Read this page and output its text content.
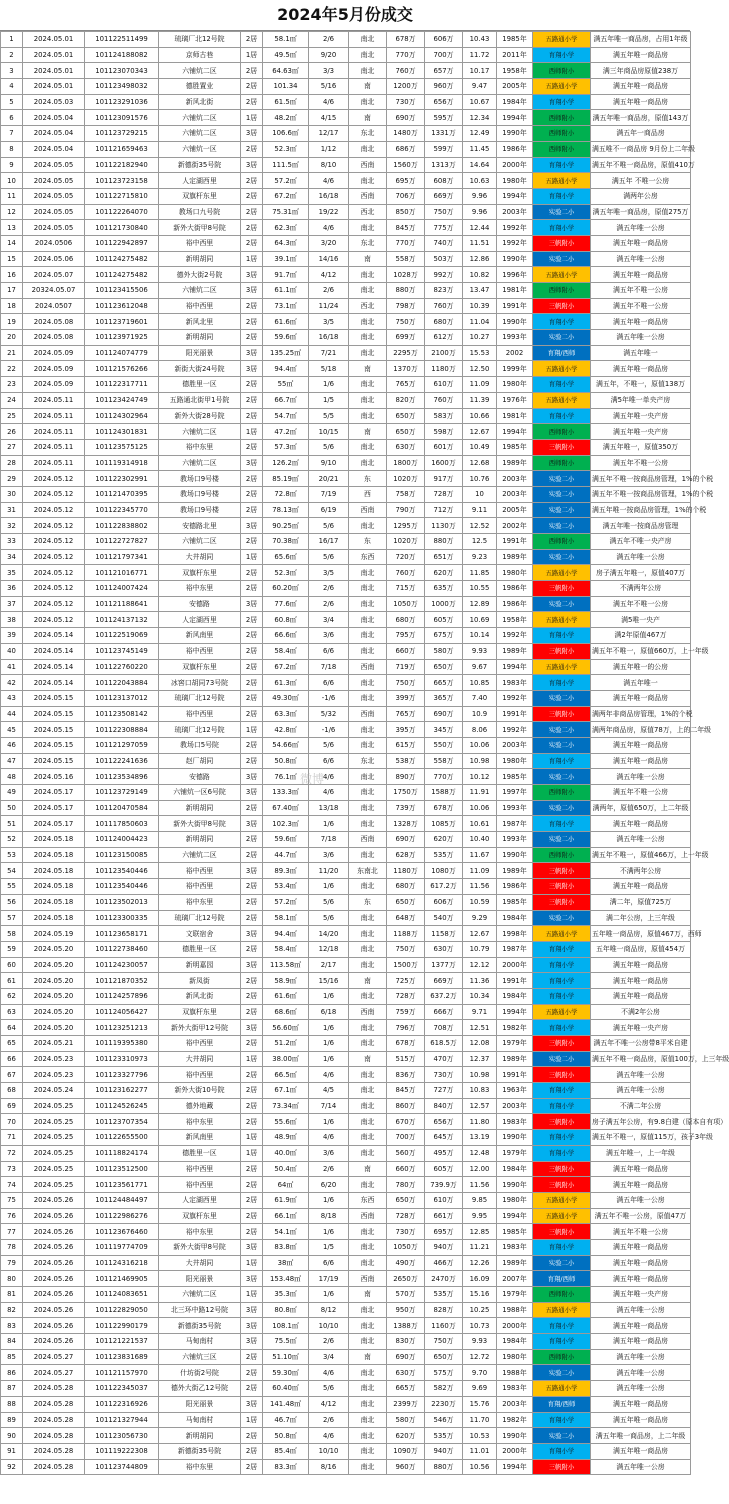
2024年5月份成交
1	2024.05.01	101122511499	琉璃厂北12号院	2居	58.1㎡	2/6	南北	678万	606万	10.43	1985年	五路通小学	满五年唯一商品房，占用1年级
2	2024.05.01	101124188082	京师古巷	1居	49.5㎡	9/20	南北	770万	700万	11.72	2011年	育翔小学	满五年唯一商品房
3	2024.05.01	101123070343	六铺炕二区	2居	64.63㎡	3/3	南北	760万	657万	10.17	1958年	西师附小	满三年商品房原值238万
4	2024.05.01	101123498032	德胜置业	2居	101.34	5/16	南	1200万	960万	9.47	2005年	五路通小学	满五年唯一商品房
5	2024.05.03	101123291036	新风北街	2居	61.5㎡	4/6	南北	730万	656万	10.67	1984年	育翔小学	满五年唯一商品房
6	2024.05.04	101123091576	六铺炕二区	1居	48.2㎡	4/15	南	690万	595万	12.34	1994年	西师附小	满五年唯一商品房，原值143万
7	2024.05.04	101123729215	六铺炕二区	3居	106.6㎡	12/17	东北	1480万	1331万	12.49	1990年	西师附小	满五年一商品房
8	2024.05.04	101121659463	六铺炕一区	2居	52.3㎡	1/12	南北	686万	599万	11.45	1986年	西师附小	满五唯不一商品房 9月份上二年级
9	2024.05.05	101122182940	新德街35号院	3居	111.5㎡	8/10	西南	1560万	1313万	14.64	2000年	育翔小学	满五年不唯一商品房，原值410万
10	2024.05.05	101123723158	人定湖西里	2居	57.2㎡	4/6	南北	695万	608万	10.63	1980年	五路通小学	满五年 不唯一公房
11	2024.05.05	101122715810	双旗杆东里	2居	67.2㎡	16/18	西南	706万	669万	9.96	1994年	育翔小学	满两年公房
12	2024.05.05	101122264070	教场口九号院	2居	75.31㎡	19/22	西北	850万	750万	9.96	2003年	实验二小	满五年唯一商品房，原值275万
13	2024.05.05	101121730840	新外大街甲8号院	2居	62.3㎡	4/6	南北	845万	775万	12.44	1992年	育翔小学	满五年唯一公房
14	2024.0506	101122942897	裕中西里	2居	64.3㎡	3/20	东北	770万	740万	11.51	1992年	三帆附小	满五年唯一商品房
15	2024.05.06	101124275482	新明胡同	1居	39.1㎡	14/16	南	558万	503万	12.86	1990年	实验二小	满五年唯一公房
16	2024.05.07	101124275482	德外大街2号院	3居	91.7㎡	4/12	南北	1028万	992万	10.82	1996年	五路通小学	满五年唯一商品房
17	20324.05.07	101123415506	六铺炕二区	3居	61.1㎡	2/6	南北	880万	823万	13.47	1981年	西师附小	满五年不唯一公房
18	2024.0507	101123612048	裕中西里	2居	73.1㎡	11/24	西北	798万	760万	10.39	1991年	三帆附小	满五年不唯一公房
19	2024.05.08	101123719601	新风北里	2居	61.6㎡	3/5	南北	750万	680万	11.04	1990年	育翔小学	满五年唯一商品房
20	2024.05.08	101123971925	新明胡同	2居	59.6㎡	16/18	南北	699万	612万	10.27	1993年	实验二小	满五年唯一公房
21	2024.05.09	101124074779	阳光丽景	3居	135.25㎡	7/21	南北	2295万	2100万	15.53	2002	育翔/西师	满五年唯一
22	2024.05.09	101121576266	新街大街24号院	3居	94.4㎡	5/18	南	1370万	1180万	12.50	1999年	五路通小学	满五年唯一商品房
23	2024.05.09	101122317711	德胜里一区	2居	55㎡	1/6	南北	765万	610万	11.09	1980年	育翔小学	满五年，不唯一，原值138万
24	2024.05.11	101123424749	五路通北街甲1号院	2居	66.7㎡	1/5	南北	820万	760万	11.39	1976年	五路通小学	满5年唯一单央产房
25	2024.05.11	101124302964	新外大街28号院	2居	54.7㎡	5/5	南北	650万	583万	10.66	1981年	育翔小学	满五年唯一央产房
26	2024.05.11	101124301831	六铺炕二区	1居	47.2㎡	10/15	南	650万	598万	12.67	1994年	西师附小	满五年唯一央产房
27	2024.05.11	101123575125	裕中东里	2居	57.3㎡	5/6	南北	630万	601万	10.49	1985年	三帆附小	满五年唯一，原值350万
28	2024.05.11	101119314918	六铺炕二区	3居	126.2㎡	9/10	南北	1800万	1600万	12.68	1989年	西师附小	满五年不唯一公房
29	2024.05.12	101122302991	教场口9号楼	2居	85.19㎡	20/21	东	1020万	917万	10.76	2003年	实验二小	满五年不唯一按商品房管理，1%的个税
30	2024.05.12	101121470395	教场口9号楼	2居	72.8㎡	7/19	西	758万	728万	10	2003年	实验二小	满五年不唯一按商品房管理，1%的个税
31	2024.05.12	101122345770	教场口9号楼	2居	78.13㎡	6/19	西南	790万	712万	9.11	2005年	实验二小	满五年唯一按商品房管理，1%的个税
32	2024.05.12	101122838802	安德路北里	3居	90.25㎡	5/6	南北	1295万	1130万	12.52	2002年	实验二小	满五年唯一按商品房管理
33	2024.05.12	101122727827	六铺炕二区	2居	70.38㎡	16/17	东	1020万	880万	12.5	1991年	西师附小	满五年不唯一央产房
34	2024.05.12	101121797341	大井胡同	1居	65.6㎡	5/6	东西	720万	651万	9.23	1989年	实验二小	满五年唯一公房
35	2024.05.12	101121016771	双旗杆东里	2居	52.3㎡	3/5	南北	760万	620万	11.85	1980年	五路通小学	房子满五年唯一，原值407万
36	2024.05.12	101124007424	裕中东里	2居	60.20㎡	2/6	南北	715万	635万	10.55	1986年	三帆附小	不满两年公房
37	2024.05.12	101121188641	安德路	3居	77.6㎡	2/6	南北	1050万	1000万	12.89	1986年	实验二小	满五年不唯一公房
38	2024.05.12	101124137132	人定湖西里	2居	60.8㎡	3/4	南北	680万	605万	10.69	1958年	五路通小学	满5唯一央产
39	2024.05.14	101122519069	新风南里	2居	66.6㎡	3/6	南北	795万	675万	10.14	1992年	育翔小学	满2年原值467万
40	2024.05.14	101123745149	裕中西里	2居	58.4㎡	6/6	南北	660万	580万	9.93	1989年	三帆附小	满五年不唯一，原值660万，上一年级
41	2024.05.14	101122760220	双旗杆东里	2居	67.2㎡	7/18	西南	719万	650万	9.67	1994年	五路通小学	满五年唯一的公房
42	2024.05.14	101122043884	冰窖口胡同73号院	2居	61.3㎡	6/6	南北	750万	665万	10.85	1983年	育翔小学	满五年唯一
43	2024.05.15	101123137012	琉璃厂北12号院	2居	49.30㎡	-1/6	南北	399万	365万	7.40	1992年	实验二小	满五年唯一商品房
44	2024.05.15	101123508142	裕中西里	2居	63.3㎡	5/32	西南	765万	690万	10.9	1991年	三帆附小	满两年非商品房管理，1%的个税
45	2024.05.15	101122308884	琉璃厂北12号院	1居	42.8㎡	-1/6	南北	395万	345万	8.06	1992年	实验二小	满两年商品房，原值78万，上的二年级
46	2024.05.15	101121297059	教场口5号院	2居	54.66㎡	5/6	南北	615万	550万	10.06	2003年	实验二小	满五年唯一商品房
47	2024.05.15	101122241636	赵厂胡同	2居	50.8㎡	6/6	东北	538万	558万	10.98	1980年	育翔小学	满五年唯一商品房
48	2024.05.16	101123534896	安德路	3居	76.1㎡	4/6	南北	890万	770万	10.12	1985年	实验二小	满五年唯一公房
49	2024.05.17	101123729149	六铺炕一区6号院	3居	133.3㎡	4/6	南北	1750万	1588万	11.91	1997年	西师附小	满五年不唯一公房
50	2024.05.17	101120470584	新明胡同	2居	67.40㎡	13/18	南北	739万	678万	10.06	1993年	实验二小	满两年，原值650万，上二年级
51	2024.05.17	101117850603	新外大街甲8号院	3居	102.3㎡	1/6	南北	1328万	1085万	10.61	1987年	育翔小学	满五年唯一商品房
52	2024.05.18	101124004423	新明胡同	2居	59.6㎡	7/18	西南	690万	620万	10.40	1993年	实验二小	满五年唯一公房
53	2024.05.18	101123150085	六铺炕二区	2居	44.7㎡	3/6	南北	628万	535万	11.67	1990年	西师附小	满五年不唯一，原值466万，上一年级
54	2024.05.18	101123540446	裕中西里	3居	89.3㎡	11/20	东南北	1180万	1080万	11.09	1989年	三帆附小	不满两年公房
55	2024.05.18	101123540446	裕中西里	2居	53.4㎡	1/6	南北	680万	617.2万	11.56	1986年	三帆附小	满五年唯一商品房
56	2024.05.18	101123502013	裕中东里	2居	57.2㎡	5/6	东	650万	606万	10.59	1985年	三帆附小	满二年，原值725万
57	2024.05.18	101123300335	琉璃厂北12号院	2居	58.1㎡	5/6	南北	648万	540万	9.29	1984年	实验二小	满二年公房，上三年级
58	2024.05.19	101123658171	文联宿舍	3居	94.4㎡	14/20	南北	1188万	1158万	12.67	1998年	五路通小学	五年唯一商品房，原值467万，西师
59	2024.05.20	101122738460	德胜里一区	2居	58.4㎡	12/18	南北	750万	630万	10.79	1987年	育翔小学	五年唯一商品房，原值454万
60	2024.05.20	101124230057	新明嘉园	3居	113.58㎡	2/17	南北	1500万	1377万	12.12	2000年	育翔小学	满五年唯一商品房
61	2024.05.20	101121870352	新凤街	2居	58.9㎡	15/16	南	725万	669万	11.36	1991年	育翔小学	满五年唯一商品房
62	2024.05.20	101124257896	新风北街	2居	61.6㎡	1/6	南北	728万	637.2万	10.34	1984年	育翔小学	满五年唯一商品房
63	2024.05.20	101124056427	双旗杆东里	2居	68.6㎡	6/18	西南	759万	666万	9.71	1994年	五路通小学	不满2年公房
64	2024.05.20	101123251213	新外大街甲12号院	3居	56.60㎡	1/6	南北	796万	708万	12.51	1982年	育翔小学	满五年唯一央产房
65	2024.05.21	101119395380	裕中西里	2居	51.2㎡	1/6	南北	678万	618.5万	12.08	1979年	三帆附小	满五年不唯一公房带8平米自建
66	2024.05.23	101123310973	大井胡同	1居	38.00㎡	1/6	南	515万	470万	12.37	1989年	实验二小	满五年不唯一商品房，原值100万，上三年级
67	2024.05.23	101123327796	裕中西里	2居	66.5㎡	4/6	南北	836万	730万	10.98	1991年	三帆附小	满五年唯一公房
68	2024.05.24	101123162277	新外大街10号院	2居	67.1㎡	4/5	南北	845万	727万	10.83	1963年	育翔小学	满五年唯一公房
69	2024.05.25	101124526245	德外地藏	2居	73.34㎡	7/14	南北	860万	840万	12.57	2003年	育翔小学	不满二年公房
70	2024.05.25	101123707354	裕中东里	2居	55.6㎡	1/6	南北	670万	656万	11.80	1983年	三帆附小	房子满五年公房，有9.8白建（原本自有项）
71	2024.05.25	101122655500	新风南里	1居	48.9㎡	4/6	南北	700万	645万	13.19	1990年	育翔小学	满五年不唯一，原值115万，孩子3年级
72	2024.05.25	101118824174	德胜里一区	1居	40.0㎡	3/6	南北	560万	495万	12.48	1979年	育翔小学	满五年唯一，上一年级
73	2024.05.25	101123512500	裕中西里	2居	50.4㎡	2/6	南	660万	605万	12.00	1984年	三帆附小	满五年唯一商品房
74	2024.05.25	101123561771	裕中西里	2居	64㎡	6/20	南北	780万	739.9万	11.56	1990年	三帆附小	满五年唯一商品房
75	2024.05.26	101124484497	人定湖西里	2居	61.9㎡	1/6	东西	650万	610万	9.85	1980年	五路通小学	满五年唯一公房
76	2024.05.26	101122986276	双旗杆东里	2居	66.1㎡	8/18	西南	728万	661万	9.95	1994年	五路通小学	满五年不唯一公房，原值47万
77	2024.05.26	101123676460	裕中东里	2居	54.1㎡	1/6	南北	730万	695万	12.85	1985年	三帆附小	满五年不唯一公房
78	2024.05.26	101119774709	新外大街甲8号院	3居	83.8㎡	1/5	南北	1050万	940万	11.21	1983年	育翔小学	满五年唯一商品房
79	2024.05.26	101124316218	大井胡同	1居	38㎡	6/6	南北	490万	466万	12.26	1989年	实验二小	满五年唯一商品房
80	2024.05.26	101121469905	阳光丽景	3居	153.48㎡	17/19	西南	2650万	2470万	16.09	2007年	育翔/西师	满五年唯一商品房
81	2024.05.26	101124083651	六铺炕二区	1居	35.3㎡	1/6	南	570万	535万	15.16	1979年	西师附小	满五年唯一央产房
82	2024.05.26	101122829050	北三环中路12号院	3居	80.8㎡	8/12	南北	950万	828万	10.25	1988年	五路通小学	满五年唯一公房
83	2024.05.26	101122990179	新德街35号院	3居	108.1㎡	10/10	南北	1388万	1160万	10.73	2000年	育翔小学	满五年唯一商品房
84	2024.05.26	101121221537	马甸南村	3居	75.5㎡	2/6	南北	830万	750万	9.93	1984年	育翔小学	满五年唯一商品房
85	2024.05.27	101123831689	六铺炕三区	2居	51.10㎡	3/4	南	690万	650万	12.72	1980年	西师附小	满五年唯一公房
86	2024.05.27	101121157970	什坊街2号院	2居	59.30㎡	4/6	南北	630万	575万	9.70	1988年	实验二小	满五年唯一公房
87	2024.05.28	101122345037	德外大街乙12号院	2居	60.40㎡	5/6	南北	665万	582万	9.69	1983年	五路通小学	满五年唯一公房
88	2024.05.28	101122316926	阳光丽景	3居	141.48㎡	4/12	南北	2399万	2230万	15.76	2003年	育翔/西师	满五年唯一商品房
89	2024.05.28	101121327944	马甸南村	1居	46.7㎡	2/6	南北	580万	546万	11.70	1982年	育翔小学	满五年唯一商品房
90	2024.05.28	101123056730	新明胡同	2居	50.8㎡	4/6	南北	620万	535万	10.53	1990年	实验二小	满五年唯一商品房，上二年级
91	2024.05.28	101119222308	新德街35号院	2居	85.4㎡	10/10	南北	1090万	940万	11.01	2000年	育翔小学	满五年唯一商品房
92	2024.05.28	101123744809	裕中东里	2居	83.3㎡	8/16	南北	960万	880万	10.56	1994年	三帆附小	满五年唯一公房
微博
